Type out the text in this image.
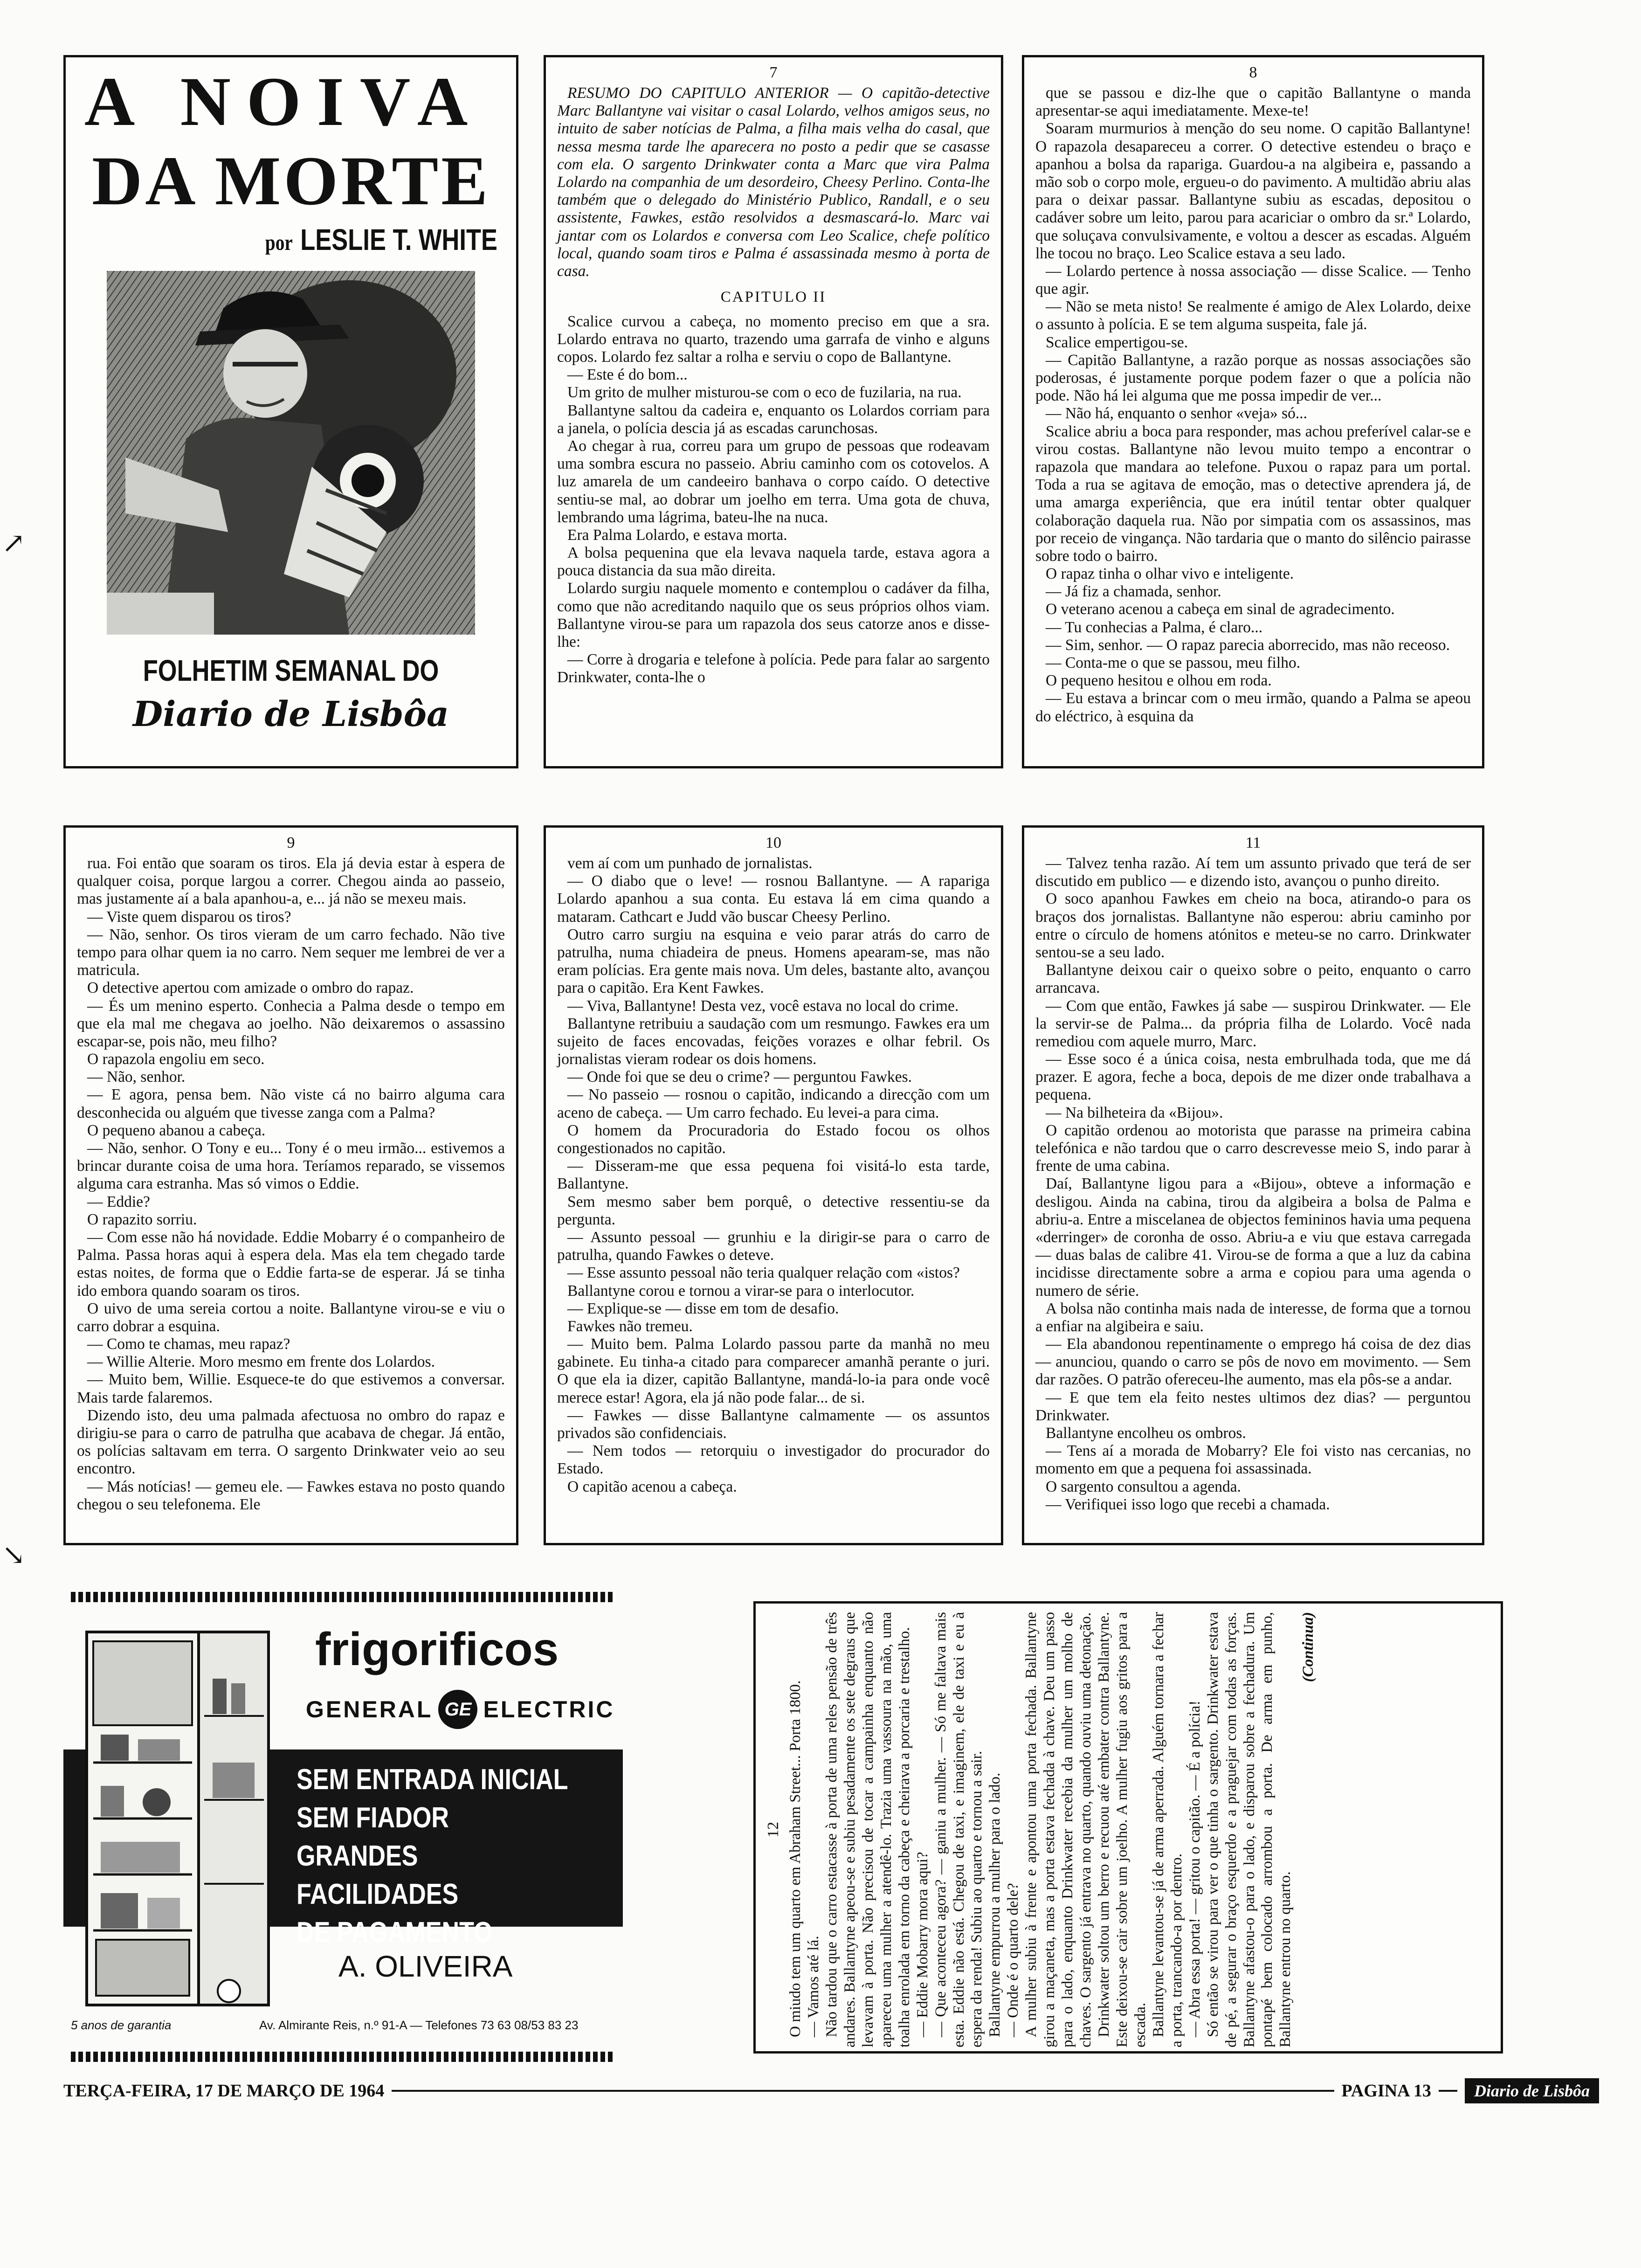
A NOIVA
DA MORTE
por LESLIE T. WHITE
FOLHETIM SEMANAL DO
Diario de Lisbôa
7

RESUMO DO CAPITULO ANTERIOR — O capitão-detective Marc Ballantyne vai visitar o casal Lolardo, velhos amigos seus, no intuito de saber notícias de Palma, a filha mais velha do casal, que nessa mesma tarde lhe aparecera no posto a pedir que se casasse com ela. O sargento Drinkwater conta a Marc que vira Palma Lolardo na companhia de um desordeiro, Cheesy Perlino. Conta-lhe também que o delegado do Ministério Publico, Randall, e o seu assistente, Fawkes, estão resolvidos a desmascará-lo. Marc vai jantar com os Lolardos e conversa com Leo Scalice, chefe político local, quando soam tiros e Palma é assassinada mesmo à porta de casa.

CAPITULO II

Scalice curvou a cabeça, no momento preciso em que a sra. Lolardo entrava no quarto, trazendo uma garrafa de vinho e alguns copos. Lolardo fez saltar a rolha e serviu o copo de Ballantyne.

— Este é do bom...

Um grito de mulher misturou-se com o eco de fuzilaria, na rua.

Ballantyne saltou da cadeira e, enquanto os Lolardos corriam para a janela, o polícia descia já as escadas carunchosas.

Ao chegar à rua, correu para um grupo de pessoas que rodeavam uma sombra escura no passeio. Abriu caminho com os cotovelos. A luz amarela de um candeeiro banhava o corpo caído. O detective sentiu-se mal, ao dobrar um joelho em terra. Uma gota de chuva, lembrando uma lágrima, bateu-lhe na nuca.

Era Palma Lolardo, e estava morta.

A bolsa pequenina que ela levava naquela tarde, estava agora a pouca distancia da sua mão direita.

Lolardo surgiu naquele momento e contemplou o cadáver da filha, como que não acreditando naquilo que os seus próprios olhos viam. Ballantyne virou-se para um rapazola dos seus catorze anos e disse-lhe:

— Corre à drogaria e telefone à polícia. Pede para falar ao sargento Drinkwater, conta-lhe o

8

que se passou e diz-lhe que o capitão Ballantyne o manda apresentar-se aqui imediatamente. Mexe-te!

Soaram murmurios à menção do seu nome. O capitão Ballantyne! O rapazola desapareceu a correr. O detective estendeu o braço e apanhou a bolsa da rapariga. Guardou-a na algibeira e, passando a mão sob o corpo mole, ergueu-o do pavimento. A multidão abriu alas para o deixar passar. Ballantyne subiu as escadas, depositou o cadáver sobre um leito, parou para acariciar o ombro da sr.ª Lolardo, que soluçava convulsivamente, e voltou a descer as escadas. Alguém lhe tocou no braço. Leo Scalice estava a seu lado.

— Lolardo pertence à nossa associação — disse Scalice. — Tenho que agir.

— Não se meta nisto! Se realmente é amigo de Alex Lolardo, deixe o assunto à polícia. E se tem alguma suspeita, fale já.

Scalice empertigou-se.

— Capitão Ballantyne, a razão porque as nossas associações são poderosas, é justamente porque podem fazer o que a polícia não pode. Não há lei alguma que me possa impedir de ver...

— Não há, enquanto o senhor «veja» só...

Scalice abriu a boca para responder, mas achou preferível calar-se e virou costas. Ballantyne não levou muito tempo a encontrar o rapazola que mandara ao telefone. Puxou o rapaz para um portal. Toda a rua se agitava de emoção, mas o detective aprendera já, de uma amarga experiência, que era inútil tentar obter qualquer colaboração daquela rua. Não por simpatia com os assassinos, mas por receio de vingança. Não tardaria que o manto do silêncio pairasse sobre todo o bairro.

O rapaz tinha o olhar vivo e inteligente.

— Já fiz a chamada, senhor.

O veterano acenou a cabeça em sinal de agradecimento.

— Tu conhecias a Palma, é claro...

— Sim, senhor. — O rapaz parecia aborrecido, mas não receoso.

— Conta-me o que se passou, meu filho.

O pequeno hesitou e olhou em roda.

— Eu estava a brincar com o meu irmão, quando a Palma se apeou do eléctrico, à esquina da

9

rua. Foi então que soaram os tiros. Ela já devia estar à espera de qualquer coisa, porque largou a correr. Chegou ainda ao passeio, mas justamente aí a bala apanhou-a, e... já não se mexeu mais.

— Viste quem disparou os tiros?

— Não, senhor. Os tiros vieram de um carro fechado. Não tive tempo para olhar quem ia no carro. Nem sequer me lembrei de ver a matricula.

O detective apertou com amizade o ombro do rapaz.

— És um menino esperto. Conhecia a Palma desde o tempo em que ela mal me chegava ao joelho. Não deixaremos o assassino escapar-se, pois não, meu filho?

O rapazola engoliu em seco.

— Não, senhor.

— E agora, pensa bem. Não viste cá no bairro alguma cara desconhecida ou alguém que tivesse zanga com a Palma?

O pequeno abanou a cabeça.

— Não, senhor. O Tony e eu... Tony é o meu irmão... estivemos a brincar durante coisa de uma hora. Teríamos reparado, se vissemos alguma cara estranha. Mas só vimos o Eddie.

— Eddie?

O rapazito sorriu.

— Com esse não há novidade. Eddie Mobarry é o companheiro de Palma. Passa horas aqui à espera dela. Mas ela tem chegado tarde estas noites, de forma que o Eddie farta-se de esperar. Já se tinha ido embora quando soaram os tiros.

O uivo de uma sereia cortou a noite. Ballantyne virou-se e viu o carro dobrar a esquina.

— Como te chamas, meu rapaz?

— Willie Alterie. Moro mesmo em frente dos Lolardos.

— Muito bem, Willie. Esquece-te do que estivemos a conversar. Mais tarde falaremos.

Dizendo isto, deu uma palmada afectuosa no ombro do rapaz e dirigiu-se para o carro de patrulha que acabava de chegar. Já então, os polícias saltavam em terra. O sargento Drinkwater veio ao seu encontro.

— Más notícias! — gemeu ele. — Fawkes estava no posto quando chegou o seu telefonema. Ele

10

vem aí com um punhado de jornalistas.

— O diabo que o leve! — rosnou Ballantyne. — A rapariga Lolardo apanhou a sua conta. Eu estava lá em cima quando a mataram. Cathcart e Judd vão buscar Cheesy Perlino.

Outro carro surgiu na esquina e veio parar atrás do carro de patrulha, numa chiadeira de pneus. Homens apearam-se, mas não eram polícias. Era gente mais nova. Um deles, bastante alto, avançou para o capitão. Era Kent Fawkes.

— Viva, Ballantyne! Desta vez, você estava no local do crime.

Ballantyne retribuiu a saudação com um resmungo. Fawkes era um sujeito de faces encovadas, feições vorazes e olhar febril. Os jornalistas vieram rodear os dois homens.

— Onde foi que se deu o crime? — perguntou Fawkes.

— No passeio — rosnou o capitão, indicando a direcção com um aceno de cabeça. — Um carro fechado. Eu levei-a para cima.

O homem da Procuradoria do Estado focou os olhos congestionados no capitão.

— Disseram-me que essa pequena foi visitá-lo esta tarde, Ballantyne.

Sem mesmo saber bem porquê, o detective ressentiu-se da pergunta.

— Assunto pessoal — grunhiu e la dirigir-se para o carro de patrulha, quando Fawkes o deteve.

— Esse assunto pessoal não teria qualquer relação com «istos?

Ballantyne corou e tornou a virar-se para o interlocutor.

— Explique-se — disse em tom de desafio.

Fawkes não tremeu.

— Muito bem. Palma Lolardo passou parte da manhã no meu gabinete. Eu tinha-a citado para comparecer amanhã perante o juri. O que ela ia dizer, capitão Ballantyne, mandá-lo-ia para onde você merece estar! Agora, ela já não pode falar... de si.

— Fawkes — disse Ballantyne calmamente — os assuntos privados são confidenciais.

— Nem todos — retorquiu o investigador do procurador do Estado.

O capitão acenou a cabeça.

11

— Talvez tenha razão. Aí tem um assunto privado que terá de ser discutido em publico — e dizendo isto, avançou o punho direito.

O soco apanhou Fawkes em cheio na boca, atirando-o para os braços dos jornalistas. Ballantyne não esperou: abriu caminho por entre o círculo de homens atónitos e meteu-se no carro. Drinkwater sentou-se a seu lado.

Ballantyne deixou cair o queixo sobre o peito, enquanto o carro arrancava.

— Com que então, Fawkes já sabe — suspirou Drinkwater. — Ele la servir-se de Palma... da própria filha de Lolardo. Você nada remediou com aquele murro, Marc.

— Esse soco é a única coisa, nesta embrulhada toda, que me dá prazer. E agora, feche a boca, depois de me dizer onde trabalhava a pequena.

— Na bilheteira da «Bijou».

O capitão ordenou ao motorista que parasse na primeira cabina telefónica e não tardou que o carro descrevesse meio S, indo parar à frente de uma cabina.

Daí, Ballantyne ligou para a «Bijou», obteve a informação e desligou. Ainda na cabina, tirou da algibeira a bolsa de Palma e abriu-a. Entre a miscelanea de objectos femininos havia uma pequena «derringer» de coronha de osso. Abriu-a e viu que estava carregada — duas balas de calibre 41. Virou-se de forma a que a luz da cabina incidisse directamente sobre a arma e copiou para uma agenda o numero de série.

A bolsa não continha mais nada de interesse, de forma que a tornou a enfiar na algibeira e saiu.

— Ela abandonou repentinamente o emprego há coisa de dez dias — anunciou, quando o carro se pôs de novo em movimento. — Sem dar razões. O patrão ofereceu-lhe aumento, mas ela pôs-se a andar.

— E que tem ela feito nestes ultimos dez dias? — perguntou Drinkwater.

Ballantyne encolheu os ombros.

— Tens aí a morada de Mobarry? Ele foi visto nas cercanias, no momento em que a pequena foi assassinada.

O sargento consultou a agenda.

— Verifiquei isso logo que recebi a chamada.

frigorificos
GENERAL GE ELECTRIC
SEM ENTRADA INICIAL
SEM FIADOR
GRANDES FACILIDADES
DE PAGAMENTO
A. OLIVEIRA
5 anos de garantia	Av. Almirante Reis, n.º 91-A — Telefones 73 63 08/53 83 23
12 O miudo tem um quarto em Abraham Street... Porta 1800. — Vamos até lá. Não tardou que o carro estacasse à porta de uma reles pensão de três andares. Ballantyne apeou-se e subiu pesadamente os sete degraus que levavam à porta. Não precisou de tocar a campainha enquanto não apareceu uma mulher a atendê-lo. Trazia uma vassoura na mão, uma toalha enrolada em torno da cabeça e cheirava a porcaria e trestalho. — Eddie Mobarry mora aqui? — Que aconteceu agora? — ganiu a mulher. — Só me faltava mais esta. Eddie não está. Chegou de taxi, e imaginem, ele de taxi e eu à espera da renda! Subiu ao quarto e tornou a sair. Ballantyne empurrou a mulher para o lado. — Onde é o quarto dele? A mulher subiu à frente e apontou uma porta fechada. Ballantyne girou a maçaneta, mas a porta estava fechada à chave. Deu um passo para o lado, enquanto Drinkwater recebia da mulher um molho de chaves. O sargento já entrava no quarto, quando ouviu uma detonação. Drinkwater soltou um berro e recuou até embater contra Ballantyne. Este deixou-se cair sobre um joelho. A mulher fugiu aos gritos para a escada. Ballantyne levantou-se já de arma aperrada. Alguém tornara a fechar a porta, trancando-a por dentro. — Abra essa porta! — gritou o capitão. — É a polícia! Só então se virou para ver o que tinha o sargento. Drinkwater estava de pé, a segurar o braço esquerdo e a praguejar com todas as forças. Ballantyne afastou-o para o lado, e disparou sobre a fechadura. Um pontapé bem colocado arrombou a porta. De arma em punho, Ballantyne entrou no quarto.

(Continua)
TERÇA-FEIRA, 17 DE MARÇO DE 1964	PAGINA 13	Diario de Lisbôa
↗
↘
